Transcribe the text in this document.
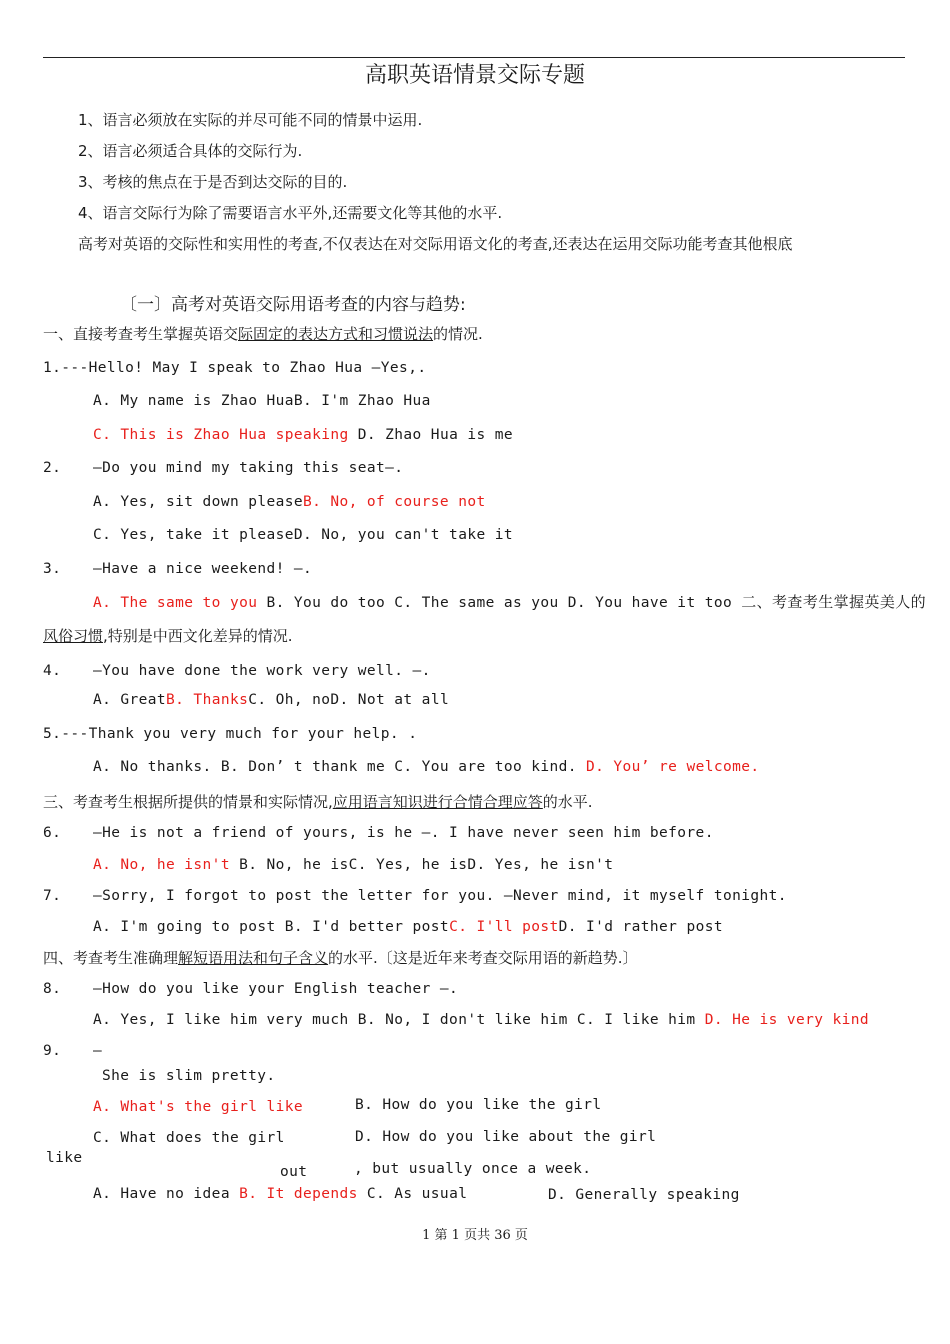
高职英语情景交际专题
1、语言必须放在实际的并尽可能不同的情景中运用.
2、语言必须适合具体的交际行为.
3、考核的焦点在于是否到达交际的目的.
4、语言交际行为除了需要语言水平外,还需要文化等其他的水平.
高考对英语的交际性和实用性的考查,不仅表达在对交际用语文化的考查,还表达在运用交际功能考查其他根底
〔一〕高考对英语交际用语考查的内容与趋势:
一、直接考查考生掌握英语交际固定的表达方式和习惯说法的情况.
1.---Hello! May I speak to Zhao Hua —Yes,.
A. My name is Zhao HuaB. I'm Zhao Hua
C. This is Zhao Hua speaking D. Zhao Hua is me
2. —Do you mind my taking this seat—.
A. Yes, sit down pleaseB. No, of course not
C. Yes, take it pleaseD. No, you can't take it
3. —Have a nice weekend! —.
A. The same to you B. You do too C. The same as you D. You have it too 二、考查考生掌握英美人的
风俗习惯,特别是中西文化差异的情况.
4. —You have done the work very well. —.
A. GreatB. ThanksC. Oh, noD. Not at all
5.---Thank you very much for your help. .
A. No thanks. B. Don’ t thank me C. You are too kind. D. You’ re welcome.
三、考查考生根据所提供的情景和实际情况,应用语言知识进行合情合理应答的水平.
6. —He is not a friend of yours, is he —. I have never seen him before.
A. No, he isn't B. No, he isC. Yes, he isD. Yes, he isn't
7. —Sorry, I forgot to post the letter for you. —Never mind, it myself tonight.
A. I'm going to post B. I'd better postC. I'll postD. I'd rather post
四、考查考生准确理解短语用法和句子含义的水平.〔这是近年来考查交际用语的新趋势.〕
8. —How do you like your English teacher —.
A. Yes, I like him very much B. No, I don't like him C. I like him D. He is very kind
9. —
She is slim pretty.
A. What's the girl like	B. How do you like the girl
C. What does the girl	D. How do you like about the girl
like
out	, but usually once a week.
A. Have no idea B. It depends C. As usual	D. Generally speaking
1 第 1 页共 36 页
